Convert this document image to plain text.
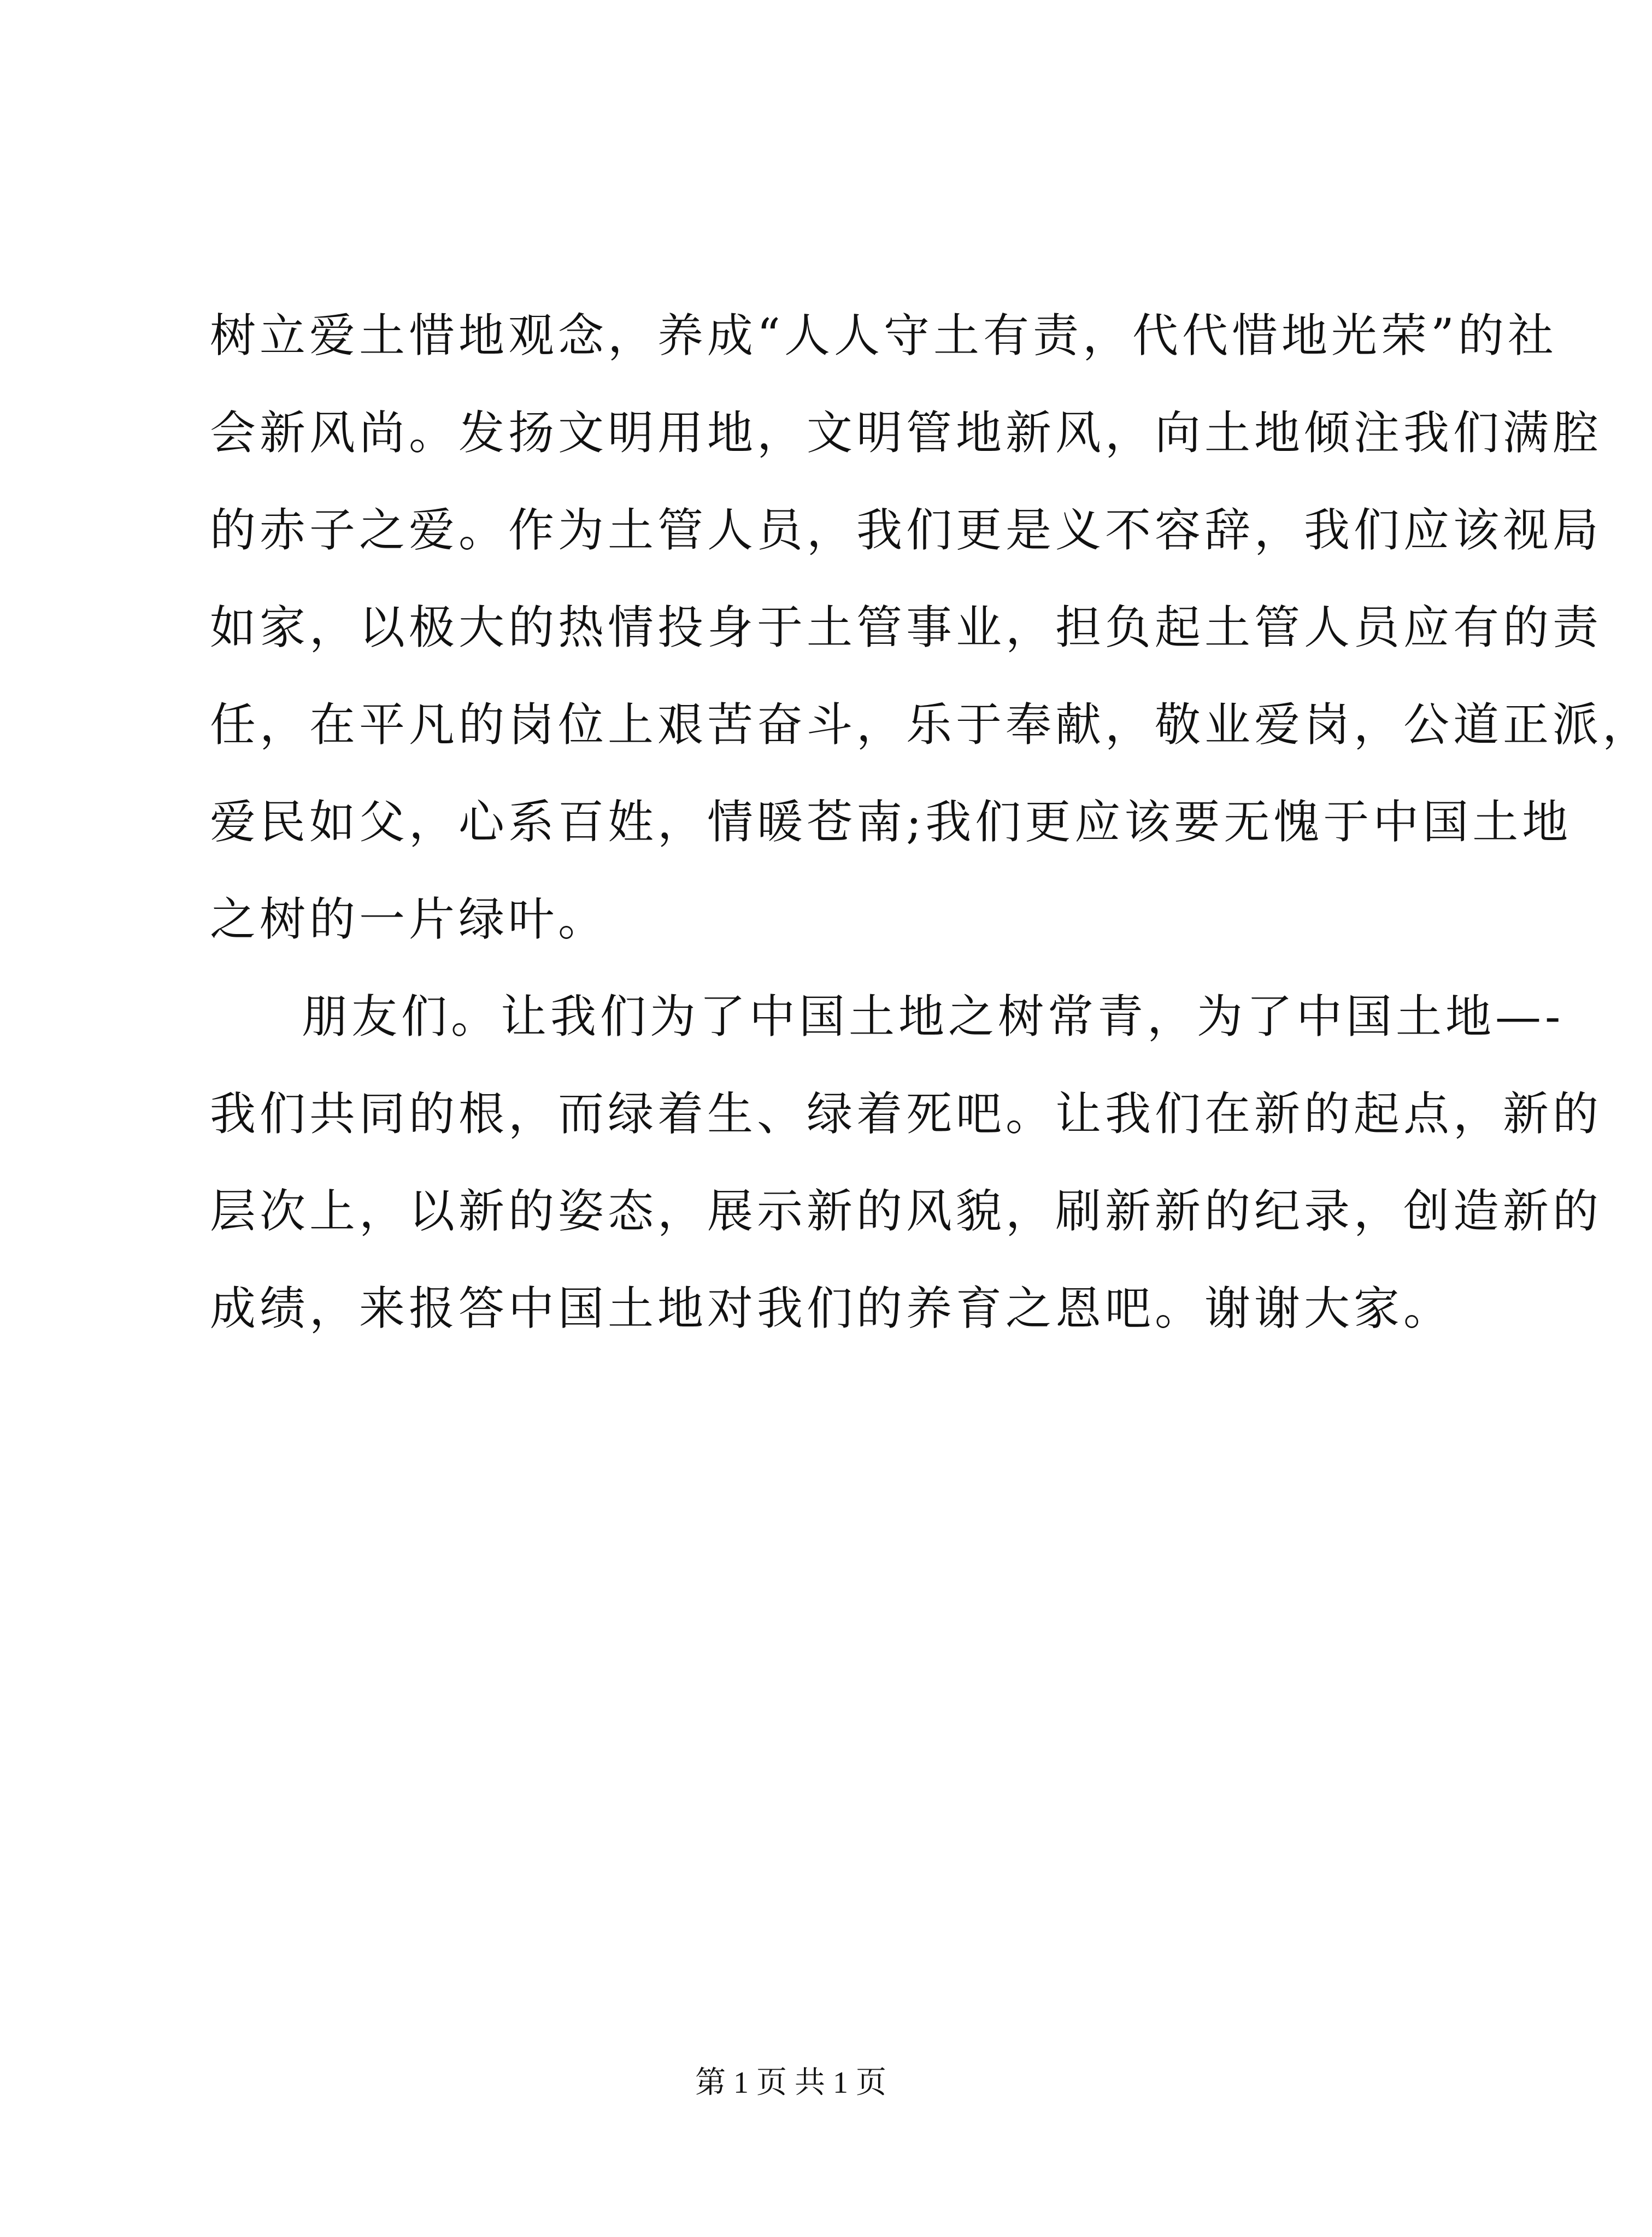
树立爱土惜地观念，养成“人人守土有责，代代惜地光荣”的社
会新风尚。发扬文明用地，文明管地新风，向土地倾注我们满腔
的赤子之爱。作为土管人员，我们更是义不容辞，我们应该视局
如家，以极大的热情投身于土管事业，担负起土管人员应有的责
任，在平凡的岗位上艰苦奋斗，乐于奉献，敬业爱岗，公道正派，
爱民如父，心系百姓，情暖苍南;我们更应该要无愧于中国土地
之树的一片绿叶。
朋友们。让我们为了中国土地之树常青，为了中国土地—-
我们共同的根，而绿着生、绿着死吧。让我们在新的起点，新的
层次上，以新的姿态，展示新的风貌，刷新新的纪录，创造新的
成绩，来报答中国土地对我们的养育之恩吧。谢谢大家。
第 1 页 共 1 页
